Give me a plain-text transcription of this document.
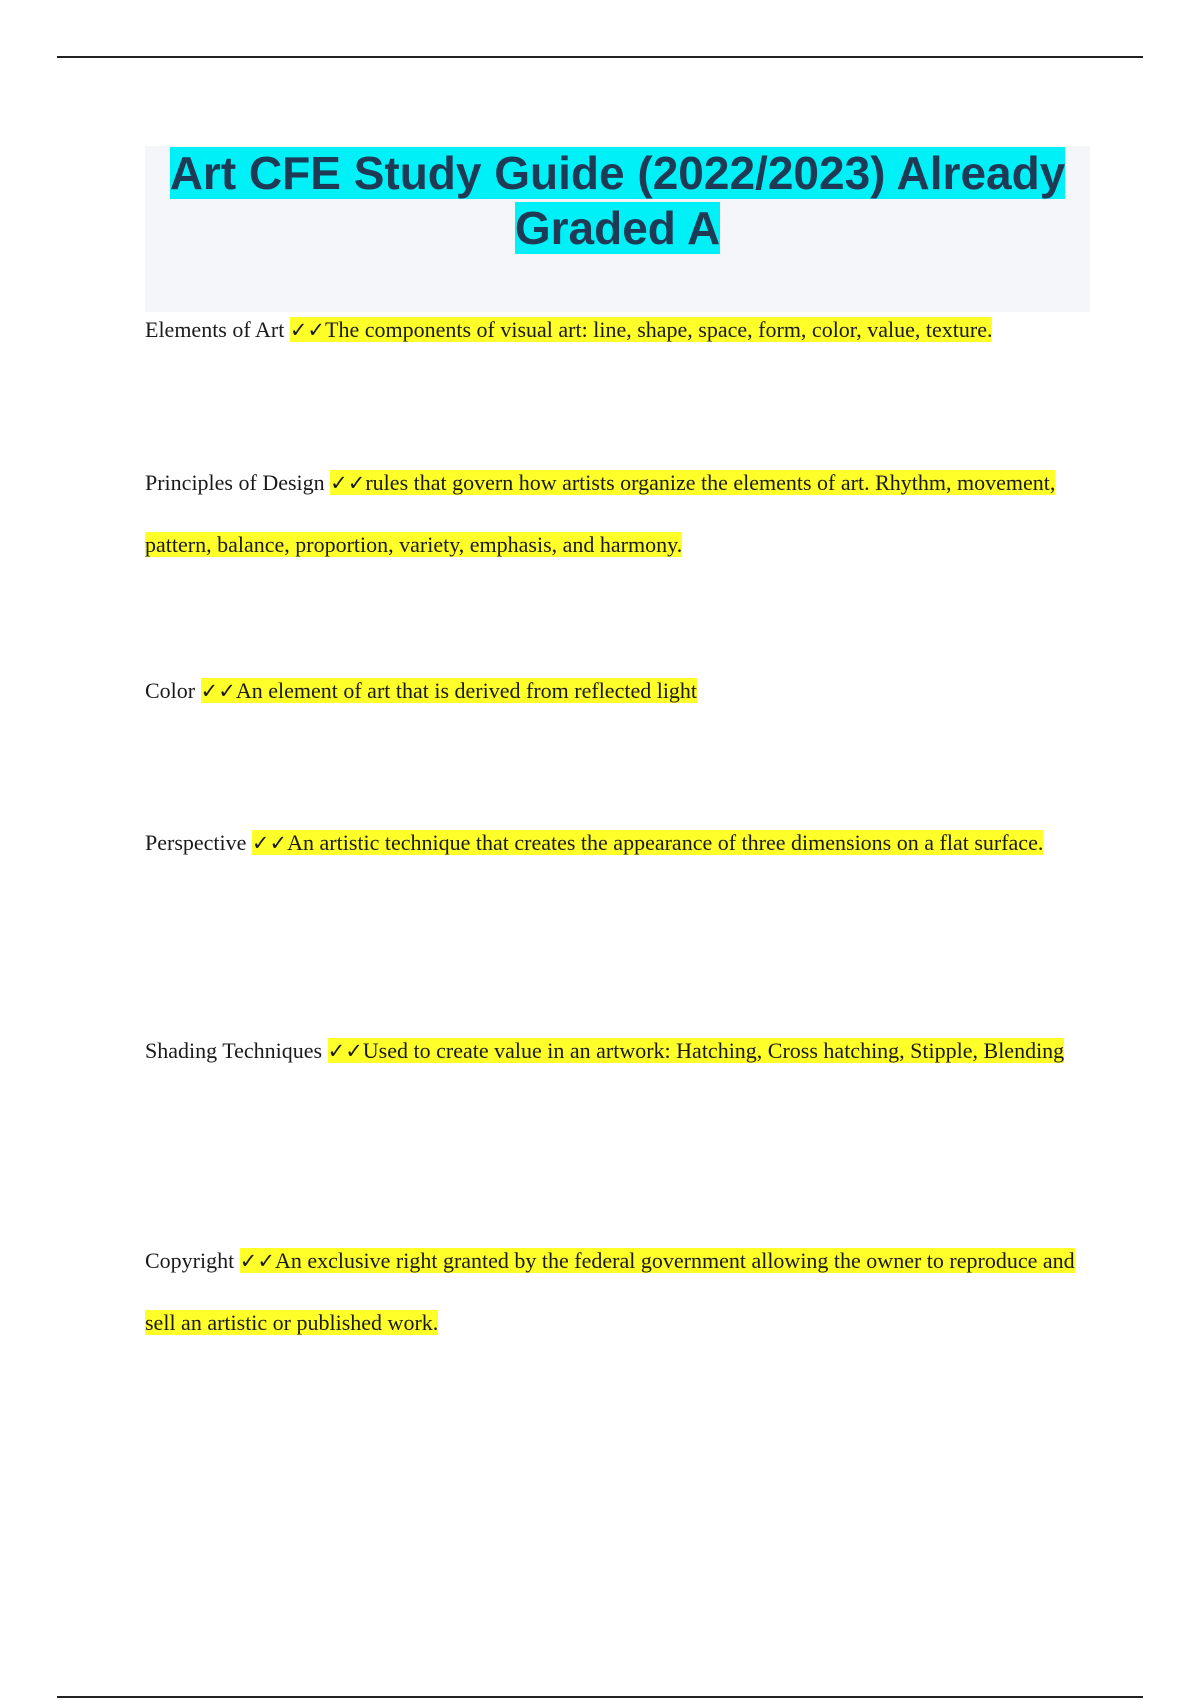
Art CFE Study Guide (2022/2023) Already Graded A

Elements of Art ✓✓The components of visual art: line, shape, space, form, color, value, texture.

Principles of Design ✓✓rules that govern how artists organize the elements of art. Rhythm, movement, pattern, balance, proportion, variety, emphasis, and harmony.

Color ✓✓An element of art that is derived from reflected light

Perspective ✓✓An artistic technique that creates the appearance of three dimensions on a flat surface.

Shading Techniques ✓✓Used to create value in an artwork: Hatching, Cross hatching, Stipple, Blending

Copyright ✓✓An exclusive right granted by the federal government allowing the owner to reproduce and sell an artistic or published work.
